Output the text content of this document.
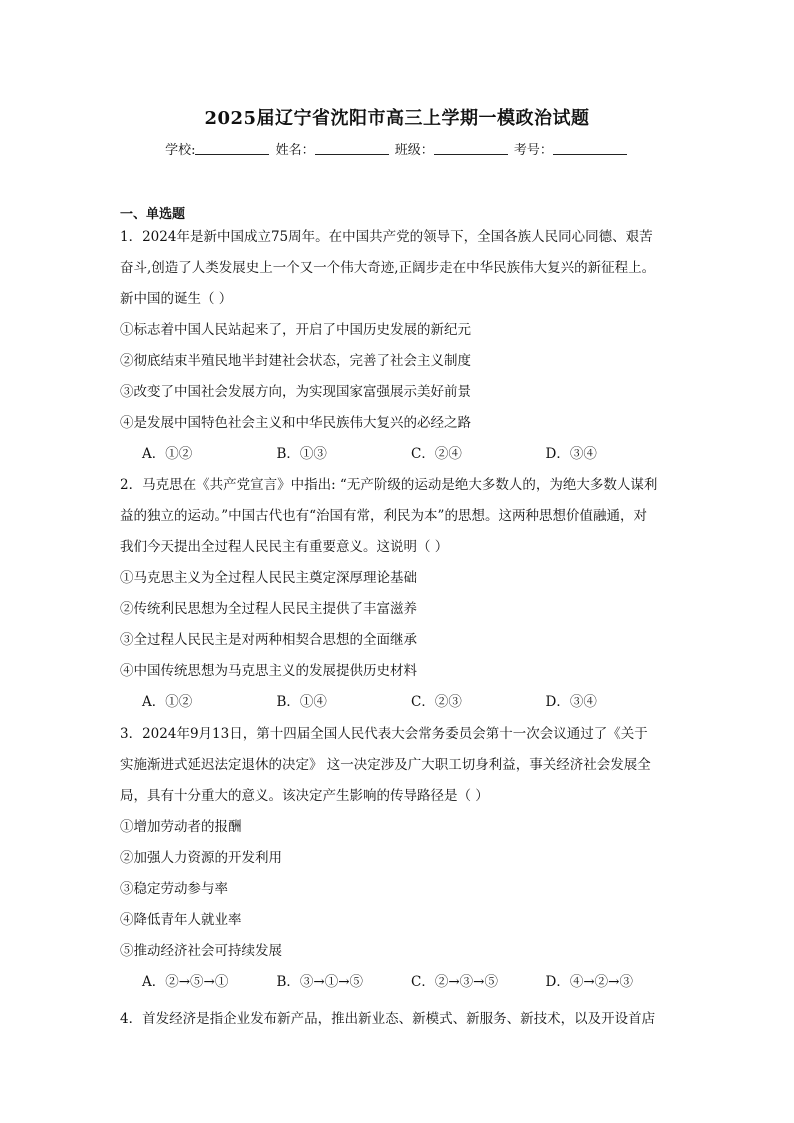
2025届辽宁省沈阳市高三上学期一模政治试题
学校:	姓名：	班级：	考号：
一、单选题
1．2024年是新中国成立75周年。在中国共产党的领导下，全国各族人民同心同德、艰苦
奋斗,创造了人类发展史上一个又一个伟大奇迹,正阔步走在中华民族伟大复兴的新征程上。
新中国的诞生（ ）
①标志着中国人民站起来了，开启了中国历史发展的新纪元
②彻底结束半殖民地半封建社会状态，完善了社会主义制度
③改变了中国社会发展方向，为实现国家富强展示美好前景
④是发展中国特色社会主义和中华民族伟大复兴的必经之路
A．①②	B．①③	C．②④	D．③④
2．马克思在《共产党宣言》中指出: “无产阶级的运动是绝大多数人的，为绝大多数人谋利
益的独立的运动。”中国古代也有“治国有常，利民为本”的思想。这两种思想价值融通，对
我们今天提出全过程人民民主有重要意义。这说明（ ）
①马克思主义为全过程人民民主奠定深厚理论基础
②传统利民思想为全过程人民民主提供了丰富滋养
③全过程人民民主是对两种相契合思想的全面继承
④中国传统思想为马克思主义的发展提供历史材料
A．①②	B．①④	C．②③	D．③④
3．2024年9月13日，第十四届全国人民代表大会常务委员会第十一次会议通过了《关于
实施渐进式延迟法定退休的决定》 这一决定涉及广大职工切身利益，事关经济社会发展全
局，具有十分重大的意义。该决定产生影响的传导路径是（ ）
①增加劳动者的报酬
②加强人力资源的开发利用
③稳定劳动参与率
④降低青年人就业率
⑤推动经济社会可持续发展
A．②→⑤→①	B．③→①→⑤	C．②→③→⑤	D．④→②→③
4．首发经济是指企业发布新产品，推出新业态、新模式、新服务、新技术，以及开设首店
